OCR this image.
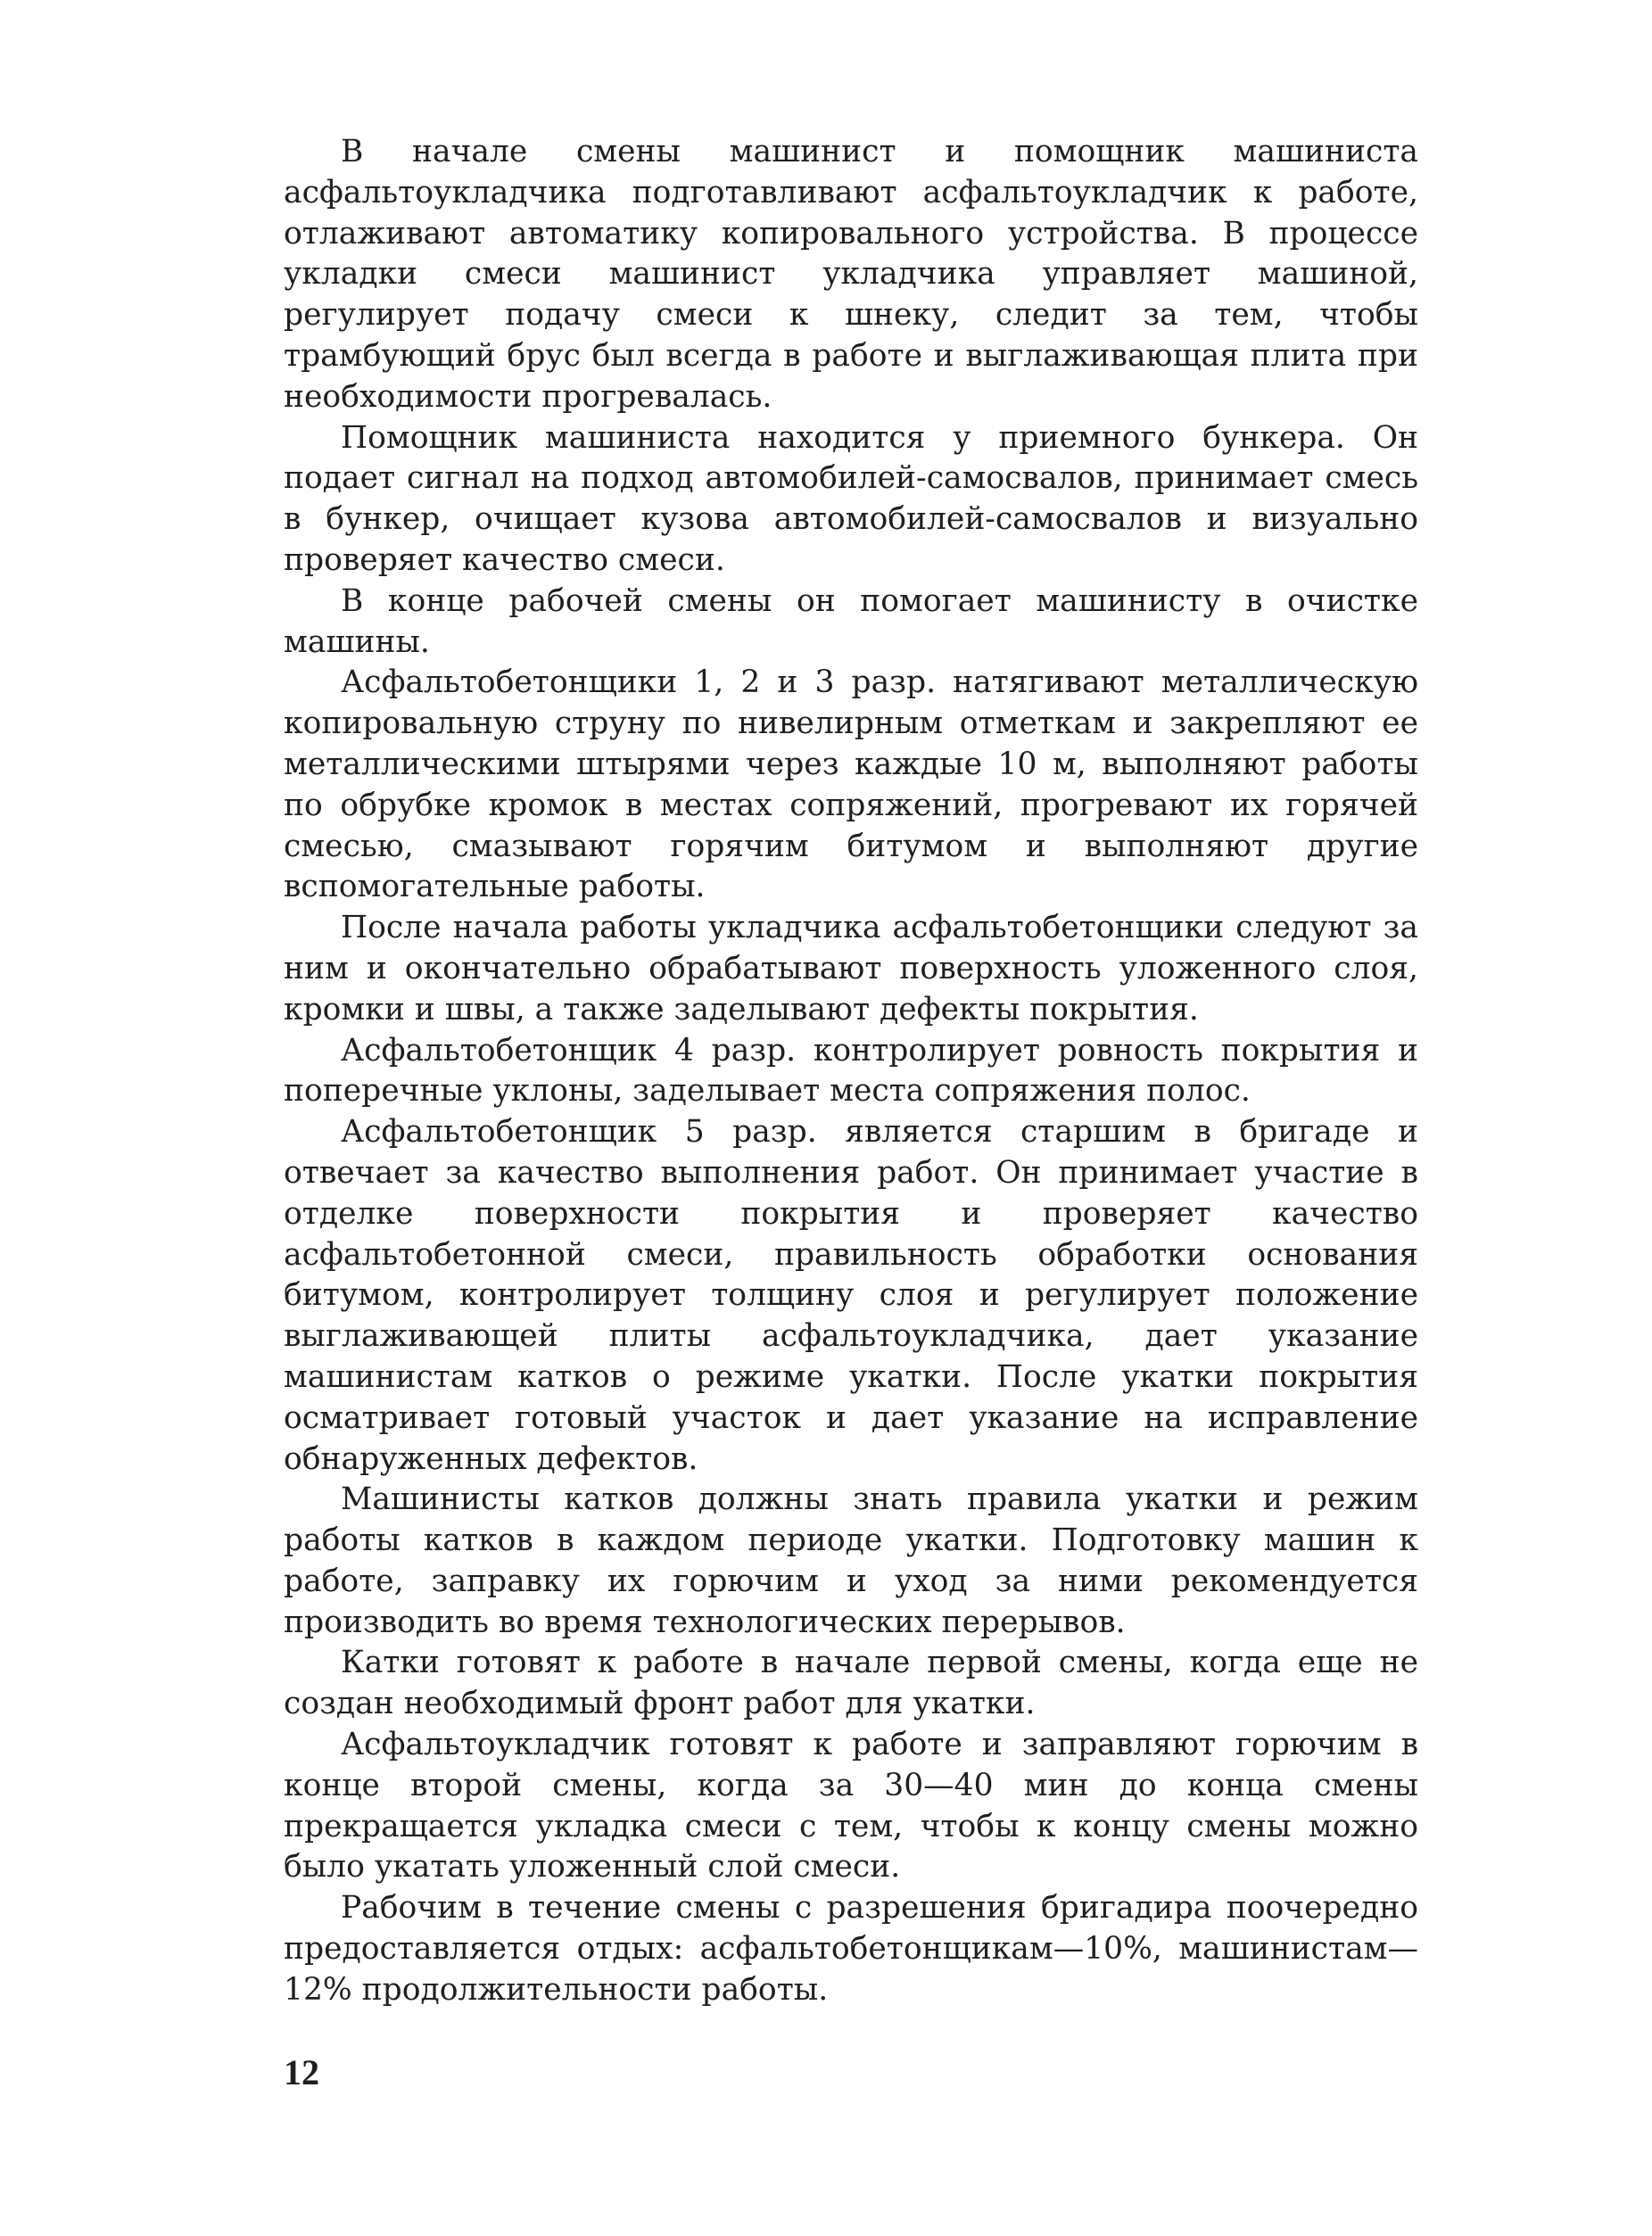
В начале смены машинист и помощник машиниста асфальтоукладчика подготавливают асфальтоукладчик к работе, отлаживают автоматику копировального устройства. В процессе укладки смеси машинист укладчика управляет машиной, регулирует подачу смеси к шнеку, следит за тем, чтобы трамбующий брус был всегда в работе и выглаживающая плита при необходимости прогревалась.

Помощник машиниста находится у приемного бункера. Он подает сигнал на подход автомобилей-самосвалов, принимает смесь в бункер, очищает кузова автомобилей-самосвалов и визуально проверяет качество смеси.

В конце рабочей смены он помогает машинисту в очистке машины.

Асфальтобетонщики 1, 2 и 3 разр. натягивают металлическую копировальную струну по нивелирным отметкам и закрепляют ее металлическими штырями через каждые 10 м, выполняют работы по обрубке кромок в местах сопряжений, прогревают их горячей смесью, смазывают горячим битумом и выполняют другие вспомогательные работы.

После начала работы укладчика асфальтобетонщики следуют за ним и окончательно обрабатывают поверхность уложенного слоя, кромки и швы, а также заделывают дефекты покрытия.

Асфальтобетонщик 4 разр. контролирует ровность покрытия и поперечные уклоны, заделывает места сопряжения полос.

Асфальтобетонщик 5 разр. является старшим в бригаде и отвечает за качество выполнения работ. Он принимает участие в отделке поверхности покрытия и проверяет качество асфальтобетонной смеси, правильность обработки основания битумом, контролирует толщину слоя и регулирует положение выглаживающей плиты асфальтоукладчика, дает указание машинистам катков о режиме укатки. После укатки покрытия осматривает готовый участок и дает указание на исправление обнаруженных дефектов.

Машинисты катков должны знать правила укатки и режим работы катков в каждом периоде укатки. Подготовку машин к работе, заправку их горючим и уход за ними рекомендуется производить во время технологических перерывов.

Катки готовят к работе в начале первой смены, когда еще не создан необходимый фронт работ для укатки.

Асфальтоукладчик готовят к работе и заправляют горючим в конце второй смены, когда за 30—40 мин до конца смены прекращается укладка смеси с тем, чтобы к концу смены можно было укатать уложенный слой смеси.

Рабочим в течение смены с разрешения бригадира поочередно предоставляется отдых: асфальтобетонщикам—10%, машинистам—12% продолжительности работы.

12
